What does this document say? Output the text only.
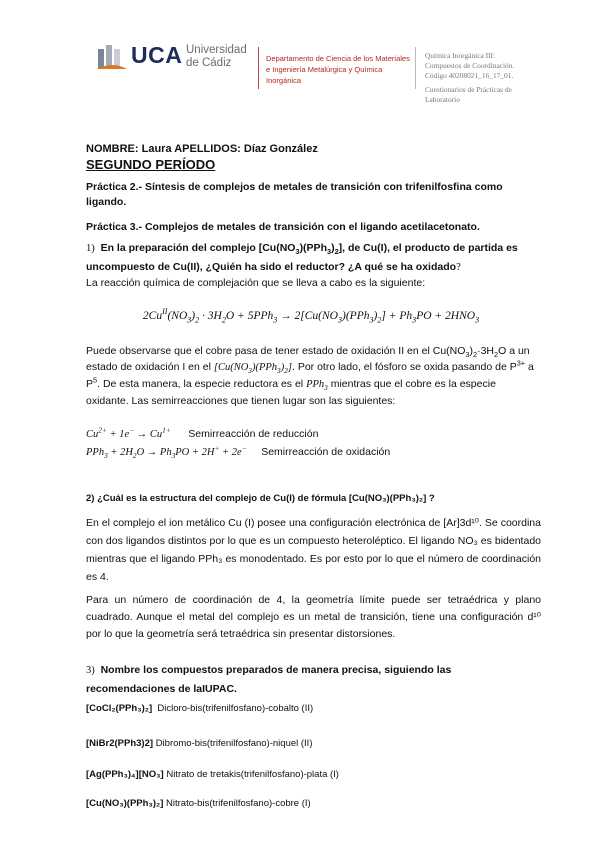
UCA Universidad
de Cádiz	Departamento de Ciencia de los Materiales e Ingeniería Metalúrgica y Química Inorgánica
Química Inorgánica III:
Compuestos de Coordinación.
Código 40208021_16_17_01.
Cuestionarios de Prácticas de
Laboratorio
NOMBRE: Laura APELLIDOS: Díaz González
SEGUNDO PERÍODO
Práctica 2.- Síntesis de complejos de metales de transición con trifenilfosfina como ligando.
Práctica 3.- Complejos de metales de transición con el ligando acetilacetonato.
1) En la preparación del complejo $[Cu(NO_3)(PPh_3)_2]$, de Cu(I), el producto de partida es uncompuesto de Cu(II), ¿Quién ha sido el reductor? ¿A qué se ha oxidado?
La reacción química de complejación que se lleva a cabo es la siguiente:
$2Cu^{II}(NO_3)_2 \cdot 3H_2O + 5PPh_3 \to 2[Cu(NO_3)(PPh_3)_2] + Ph_3PO + 2HNO_3$
Puede observarse que el cobre pasa de tener estado de oxidación II en el $Cu(NO_3)_2\cdot 3H_2O$ a un estado de oxidación I en el $[Cu(NO_3)(PPh_3)_2]$. Por otro lado, el fósforo se oxida pasando de $P^{3+}$ a $P^5$. De esta manera, la especie reductora es el PPh$_3$ mientras que el cobre es la especie oxidante. Las semirreacciones que tienen lugar son las siguientes:
$Cu^{2+} + 1e^- \to Cu^{1+}$ Semirreacción de reducción
$PPh_3 + 2H_2O \to Ph_3PO + 2H^+ + 2e^-$ Semirreacción de oxidación
2) ¿Cuál es la estructura del complejo de Cu(I) de fórmula [Cu(NO₃)(PPh₃)₂] ?
En el complejo el ion metálico Cu (I) posee una configuración electrónica de [Ar]3d¹⁰. Se coordina con dos ligandos distintos por lo que es un compuesto heteroléptico. El ligando NO₃ es bidentado mientras que el ligando PPh₃ es monodentado. Es por esto por lo que el número de coordinación es 4.
Para un número de coordinación de 4, la geometría límite puede ser tetraédrica y plano cuadrado. Aunque el metal del complejo es un metal de transición, tiene una configuración d¹⁰ por lo que la geometría será tetraédrica sin presentar distorsiones.
3) Nombre los compuestos preparados de manera precisa, siguiendo las recomendaciones de laIUPAC.
[CoCl₂(PPh₃)₂] Dicloro-bis(trifenilfosfano)-cobalto (II)
[NiBr2(PPh3)2] Dibromo-bis(trifenilfosfano)-niquel (II)
[Ag(PPh₃)₄][NO₃] Nitrato de tretakis(trifenilfosfano)-plata (I)
[Cu(NO₃)(PPh₃)₂] Nitrato-bis(trifenilfosfano)-cobre (I)
